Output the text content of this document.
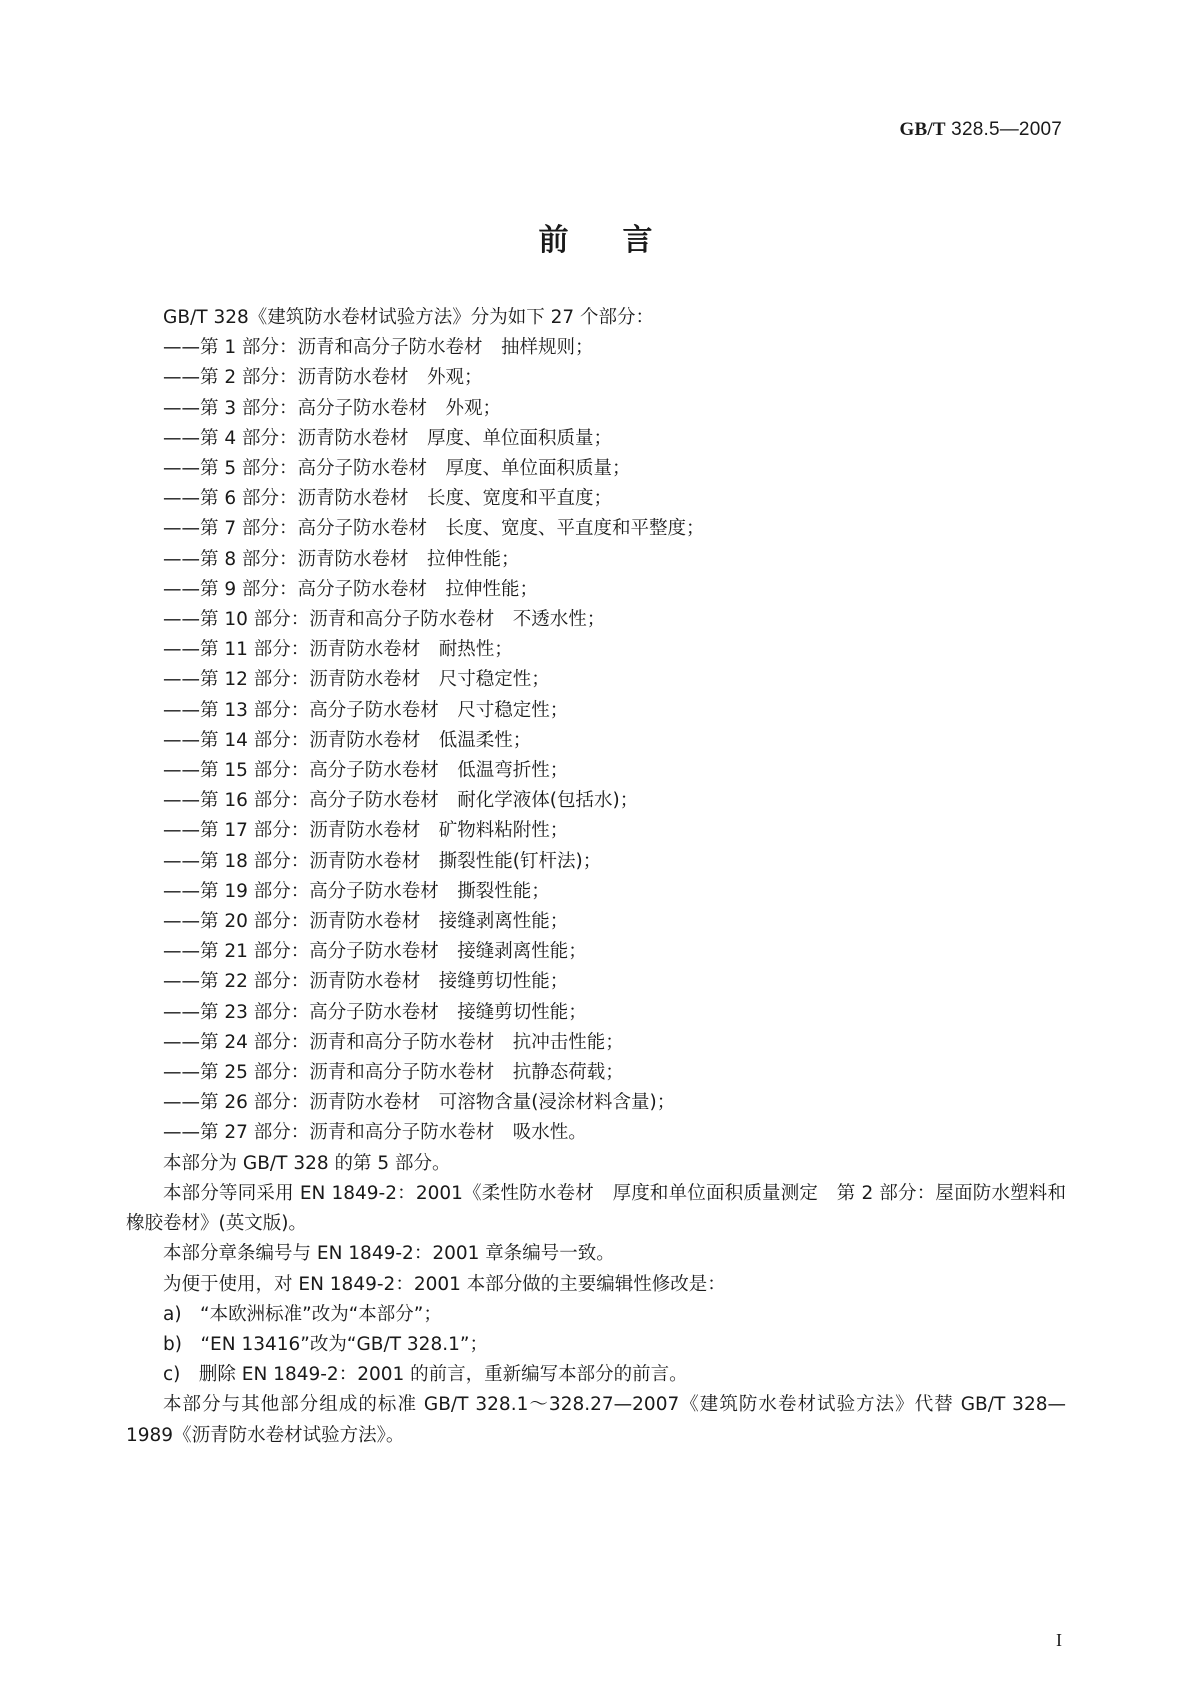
GB/T 328.5—2007
前言

GB/T 328《建筑防水卷材试验方法》分为如下 27 个部分：

——第 1 部分：沥青和高分子防水卷材　抽样规则；

——第 2 部分：沥青防水卷材　外观；

——第 3 部分：高分子防水卷材　外观；

——第 4 部分：沥青防水卷材　厚度、单位面积质量；

——第 5 部分：高分子防水卷材　厚度、单位面积质量；

——第 6 部分：沥青防水卷材　长度、宽度和平直度；

——第 7 部分：高分子防水卷材　长度、宽度、平直度和平整度；

——第 8 部分：沥青防水卷材　拉伸性能；

——第 9 部分：高分子防水卷材　拉伸性能；

——第 10 部分：沥青和高分子防水卷材　不透水性；

——第 11 部分：沥青防水卷材　耐热性；

——第 12 部分：沥青防水卷材　尺寸稳定性；

——第 13 部分：高分子防水卷材　尺寸稳定性；

——第 14 部分：沥青防水卷材　低温柔性；

——第 15 部分：高分子防水卷材　低温弯折性；

——第 16 部分：高分子防水卷材　耐化学液体(包括水)；

——第 17 部分：沥青防水卷材　矿物料粘附性；

——第 18 部分：沥青防水卷材　撕裂性能(钉杆法)；

——第 19 部分：高分子防水卷材　撕裂性能；

——第 20 部分：沥青防水卷材　接缝剥离性能；

——第 21 部分：高分子防水卷材　接缝剥离性能；

——第 22 部分：沥青防水卷材　接缝剪切性能；

——第 23 部分：高分子防水卷材　接缝剪切性能；

——第 24 部分：沥青和高分子防水卷材　抗冲击性能；

——第 25 部分：沥青和高分子防水卷材　抗静态荷载；

——第 26 部分：沥青防水卷材　可溶物含量(浸涂材料含量)；

——第 27 部分：沥青和高分子防水卷材　吸水性。

本部分为 GB/T 328 的第 5 部分。

本部分等同采用 EN 1849-2：2001《柔性防水卷材　厚度和单位面积质量测定　第 2 部分：屋面防水塑料和橡胶卷材》(英文版)。

本部分章条编号与 EN 1849-2：2001 章条编号一致。

为便于使用，对 EN 1849-2：2001 本部分做的主要编辑性修改是：

a)　“本欧洲标准”改为“本部分”；

b)　“EN 13416”改为“GB/T 328.1”；

c)　删除 EN 1849-2：2001 的前言，重新编写本部分的前言。

本部分与其他部分组成的标准 GB/T 328.1～328.27—2007《建筑防水卷材试验方法》代替 GB/T 328—1989《沥青防水卷材试验方法》。

I
